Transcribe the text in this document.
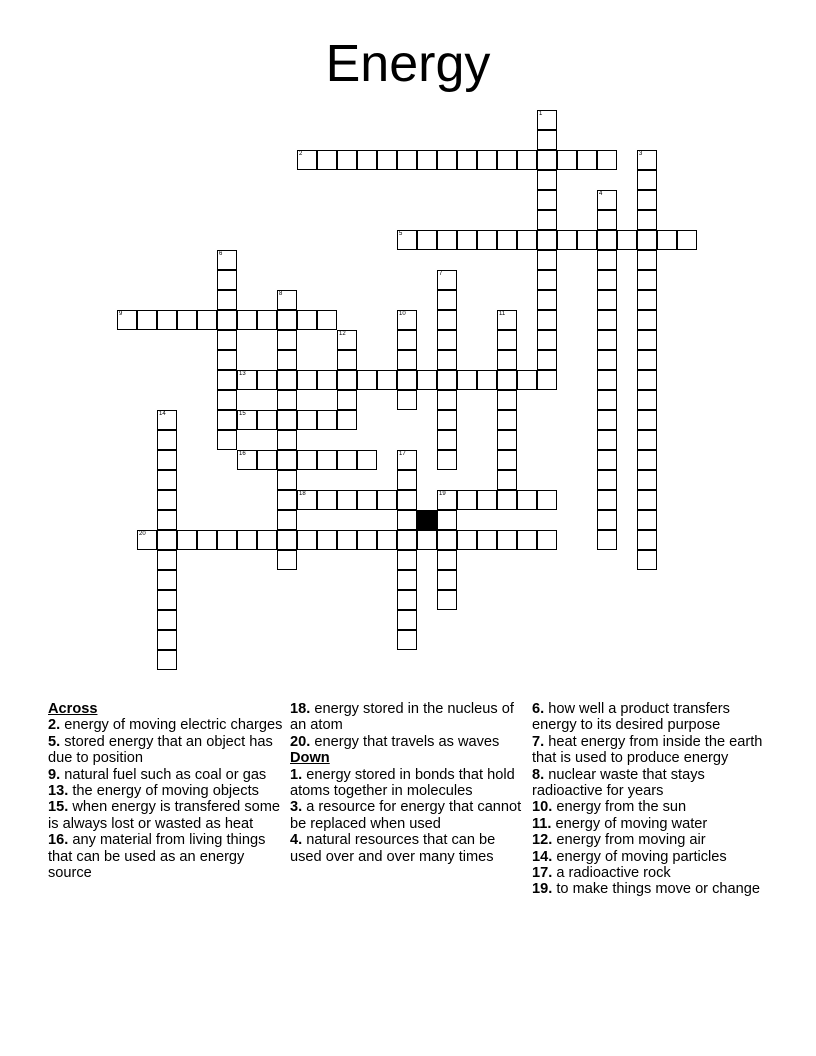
Energy
1
2	3
4
5
6
7
8
9	10	11
12
13
14	15
16	17
18	19
20
Across
2. energy of moving electric charges
5. stored energy that an object has due to position
9. natural fuel such as coal or gas
13. the energy of moving objects
15. when energy is transfered some is always lost or wasted as heat
16. any material from living things that can be used as an energy source
18. energy stored in the nucleus of an atom
20. energy that travels as waves
Down
1. energy stored in bonds that hold atoms together in molecules
3. a resource for energy that cannot be replaced when used
4. natural resources that can be used over and over many times
6. how well a product transfers energy to its desired purpose
7. heat energy from inside the earth that is used to produce energy
8. nuclear waste that stays radioactive for years
10. energy from the sun
11. energy of moving water
12. energy from moving air
14. energy of moving particles
17. a radioactive rock
19. to make things move or change
